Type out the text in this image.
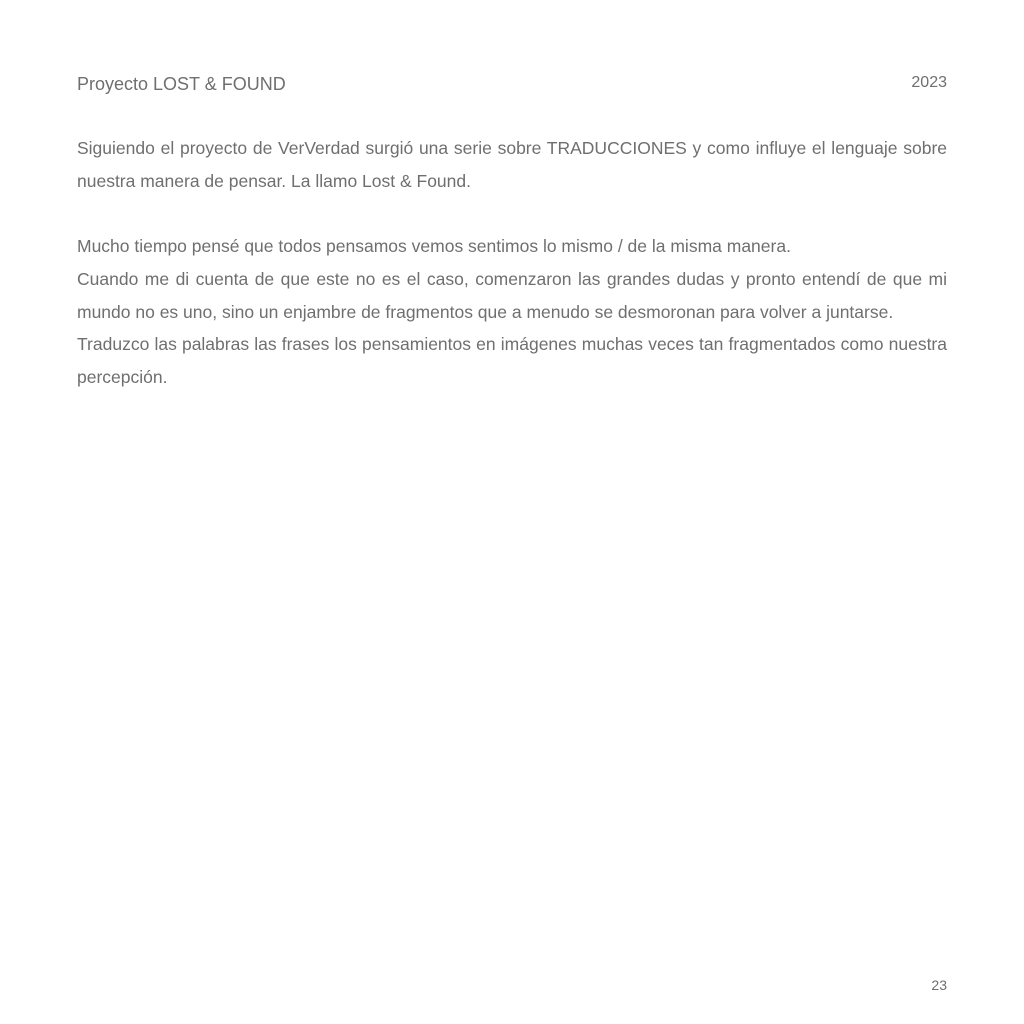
Proyecto LOST & FOUND	2023

Siguiendo el proyecto de VerVerdad surgió una serie sobre TRADUCCIONES y como influye el lenguaje sobre nuestra manera de pensar. La llamo Lost & Found.

Mucho tiempo pensé que todos pensamos vemos sentimos lo mismo / de la misma manera.

Cuando me di cuenta de que este no es el caso, comenzaron las grandes dudas y pronto entendí de que mi mundo no es uno, sino un enjambre de fragmentos que a menudo se desmoronan para volver a juntarse.

Traduzco las palabras las frases los pensamientos en imágenes muchas veces tan fragmentados como nuestra percepción.

23
